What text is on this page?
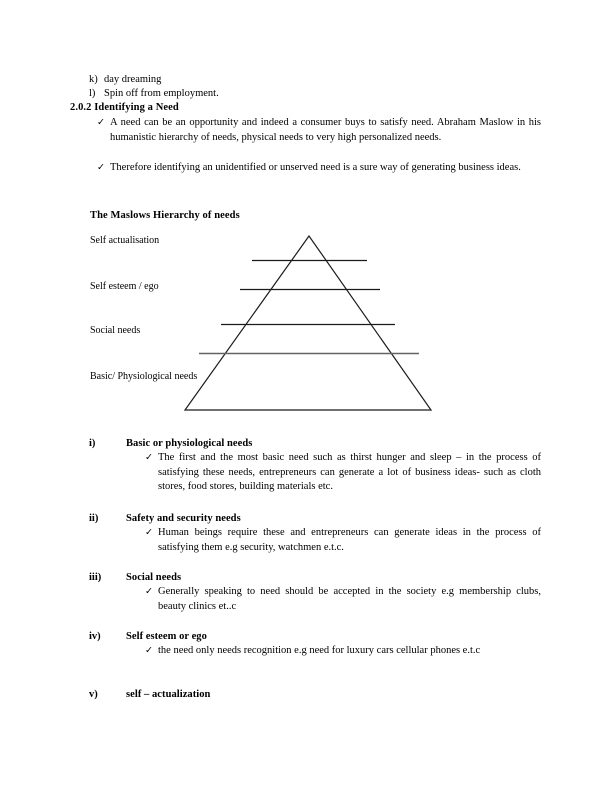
k) day dreaming
l) Spin off from employment.
2.0.2 Identifying a Need
✓ A need can be an opportunity and indeed a consumer buys to satisfy need. Abraham Maslow in his humanistic hierarchy of needs, physical needs to very high personalized needs.
✓ Therefore identifying an unidentified or unserved need is a sure way of generating business ideas.
The Maslows Hierarchy of needs
Self actualisation
Self esteem / ego
Social needs
Basic/ Physiological needs
i)	Basic or physiological needs
✓ The first and the most basic need such as thirst hunger and sleep – in the process of satisfying these needs, entrepreneurs can generate a lot of business ideas- such as cloth stores, food stores, building materials etc.
ii)	Safety and security needs
✓ Human beings require these and entrepreneurs can generate ideas in the process of satisfying them e.g security, watchmen e.t.c.
iii) Social needs
✓ Generally speaking to need should be accepted in the society e.g membership clubs, beauty clinics et..c
iv) Self esteem or ego
✓ the need only needs recognition e.g need for luxury cars cellular phones e.t.c
v)	self – actualization
